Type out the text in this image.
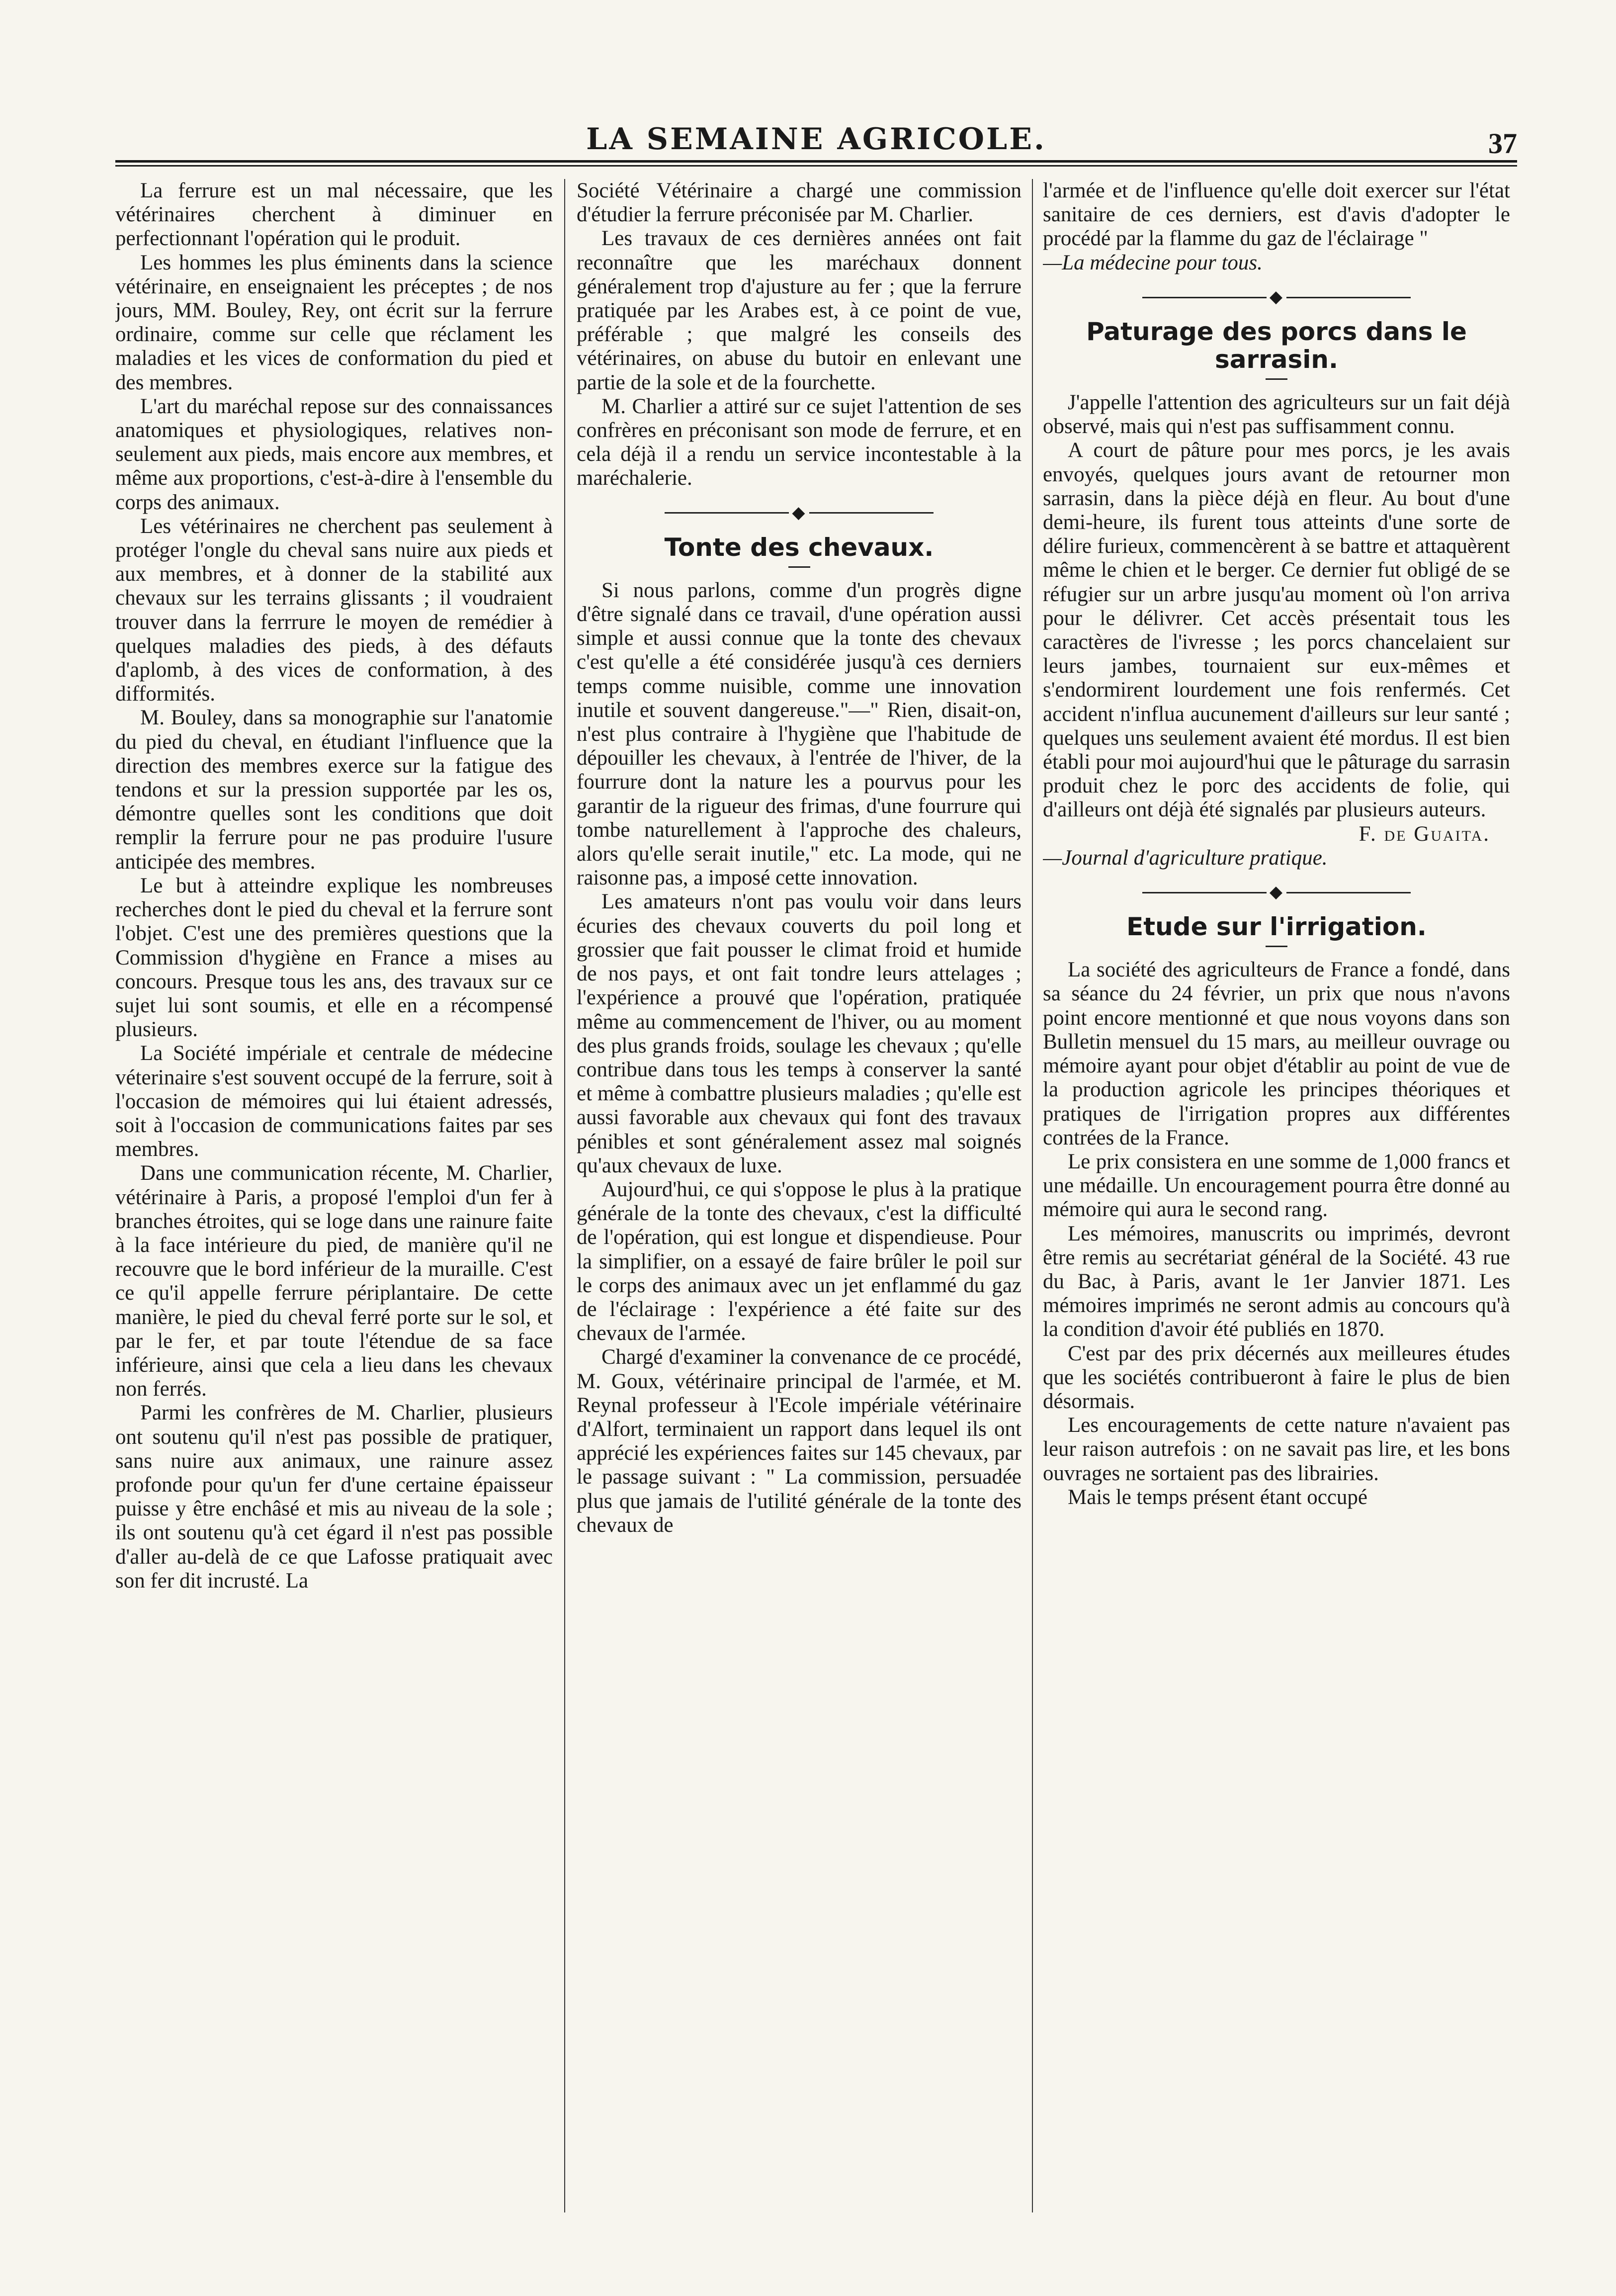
LA SEMAINE AGRICOLE.	37

La ferrure est un mal nécessaire, que les vétérinaires cherchent à diminuer en perfectionnant l'opération qui le produit.

Les hommes les plus éminents dans la science vétérinaire, en enseignaient les préceptes ; de nos jours, MM. Bouley, Rey, ont écrit sur la ferrure ordinaire, comme sur celle que réclament les maladies et les vices de conformation du pied et des membres.

L'art du maréchal repose sur des connaissances anatomiques et physiologiques, relatives non-seulement aux pieds, mais encore aux membres, et même aux proportions, c'est-à-dire à l'ensemble du corps des animaux.

Les vétérinaires ne cherchent pas seulement à protéger l'ongle du cheval sans nuire aux pieds et aux membres, et à donner de la stabilité aux chevaux sur les terrains glissants ; il voudraient trouver dans la ferrrure le moyen de remédier à quelques maladies des pieds, à des défauts d'aplomb, à des vices de conformation, à des difformités.

M. Bouley, dans sa monographie sur l'anatomie du pied du cheval, en étudiant l'influence que la direction des membres exerce sur la fatigue des tendons et sur la pression supportée par les os, démontre quelles sont les conditions que doit remplir la ferrure pour ne pas produire l'usure anticipée des membres.

Le but à atteindre explique les nombreuses recherches dont le pied du cheval et la ferrure sont l'objet. C'est une des premières questions que la Commission d'hygiène en France a mises au concours. Presque tous les ans, des travaux sur ce sujet lui sont soumis, et elle en a récompensé plusieurs.

La Société impériale et centrale de médecine véterinaire s'est souvent occupé de la ferrure, soit à l'occasion de mémoires qui lui étaient adressés, soit à l'occasion de communications faites par ses membres.

Dans une communication récente, M. Charlier, vétérinaire à Paris, a proposé l'emploi d'un fer à branches étroites, qui se loge dans une rainure faite à la face intérieure du pied, de manière qu'il ne recouvre que le bord inférieur de la muraille. C'est ce qu'il appelle ferrure périplantaire. De cette manière, le pied du cheval ferré porte sur le sol, et par le fer, et par toute l'étendue de sa face inférieure, ainsi que cela a lieu dans les chevaux non ferrés.

Parmi les confrères de M. Charlier, plusieurs ont soutenu qu'il n'est pas possible de pratiquer, sans nuire aux animaux, une rainure assez profonde pour qu'un fer d'une certaine épaisseur puisse y être enchâsé et mis au niveau de la sole ; ils ont soutenu qu'à cet égard il n'est pas possible d'aller au-delà de ce que Lafosse pratiquait avec son fer dit incrusté. La

Société Vétérinaire a chargé une commission d'étudier la ferrure préconisée par M. Charlier.

Les travaux de ces dernières années ont fait reconnaître que les maréchaux donnent généralement trop d'ajusture au fer ; que la ferrure pratiquée par les Arabes est, à ce point de vue, préférable ; que malgré les conseils des vétérinaires, on abuse du butoir en enlevant une partie de la sole et de la fourchette.

M. Charlier a attiré sur ce sujet l'attention de ses confrères en préconisant son mode de ferrure, et en cela déjà il a rendu un service incontestable à la maréchalerie.

◆
Tonte des chevaux.

Si nous parlons, comme d'un progrès digne d'être signalé dans ce travail, d'une opération aussi simple et aussi connue que la tonte des chevaux c'est qu'elle a été considérée jusqu'à ces derniers temps comme nuisible, comme une innovation inutile et souvent dangereuse."—" Rien, disait-on, n'est plus contraire à l'hygiène que l'habitude de dépouiller les chevaux, à l'entrée de l'hiver, de la fourrure dont la nature les a pourvus pour les garantir de la rigueur des frimas, d'une fourrure qui tombe naturellement à l'approche des chaleurs, alors qu'elle serait inutile," etc. La mode, qui ne raisonne pas, a imposé cette innovation.

Les amateurs n'ont pas voulu voir dans leurs écuries des chevaux couverts du poil long et grossier que fait pousser le climat froid et humide de nos pays, et ont fait tondre leurs attelages ; l'expérience a prouvé que l'opération, pratiquée même au commencement de l'hiver, ou au moment des plus grands froids, soulage les chevaux ; qu'elle contribue dans tous les temps à conserver la santé et même à combattre plusieurs maladies ; qu'elle est aussi favorable aux chevaux qui font des travaux pénibles et sont généralement assez mal soignés qu'aux chevaux de luxe.

Aujourd'hui, ce qui s'oppose le plus à la pratique générale de la tonte des chevaux, c'est la difficulté de l'opération, qui est longue et dispendieuse. Pour la simplifier, on a essayé de faire brûler le poil sur le corps des animaux avec un jet enflammé du gaz de l'éclairage : l'expérience a été faite sur des chevaux de l'armée.

Chargé d'examiner la convenance de ce procédé, M. Goux, vétérinaire principal de l'armée, et M. Reynal professeur à l'Ecole impériale vétérinaire d'Alfort, terminaient un rapport dans lequel ils ont apprécié les expériences faites sur 145 chevaux, par le passage suivant : " La commission, persuadée plus que jamais de l'utilité générale de la tonte des chevaux de

l'armée et de l'influence qu'elle doit exercer sur l'état sanitaire de ces derniers, est d'avis d'adopter le procédé par la flamme du gaz de l'éclairage "

—La médecine pour tous.

◆
Paturage des porcs dans le sarrasin.

J'appelle l'attention des agriculteurs sur un fait déjà observé, mais qui n'est pas suffisamment connu.

A court de pâture pour mes porcs, je les avais envoyés, quelques jours avant de retourner mon sarrasin, dans la pièce déjà en fleur. Au bout d'une demi-heure, ils furent tous atteints d'une sorte de délire furieux, commencèrent à se battre et attaquèrent même le chien et le berger. Ce dernier fut obligé de se réfugier sur un arbre jusqu'au moment où l'on arriva pour le délivrer. Cet accès présentait tous les caractères de l'ivresse ; les porcs chancelaient sur leurs jambes, tournaient sur eux-mêmes et s'endormirent lourdement une fois renfermés. Cet accident n'influa aucunement d'ailleurs sur leur santé ; quelques uns seulement avaient été mordus. Il est bien établi pour moi aujourd'hui que le pâturage du sarrasin produit chez le porc des accidents de folie, qui d'ailleurs ont déjà été signalés par plusieurs auteurs.

F. de Guaita.

—Journal d'agriculture pratique.

◆
Etude sur l'irrigation.

La société des agriculteurs de France a fondé, dans sa séance du 24 février, un prix que nous n'avons point encore mentionné et que nous voyons dans son Bulletin mensuel du 15 mars, au meilleur ouvrage ou mémoire ayant pour objet d'établir au point de vue de la production agricole les principes théoriques et pratiques de l'irrigation propres aux différentes contrées de la France.

Le prix consistera en une somme de 1,000 francs et une médaille. Un encouragement pourra être donné au mémoire qui aura le second rang.

Les mémoires, manuscrits ou imprimés, devront être remis au secrétariat général de la Société. 43 rue du Bac, à Paris, avant le 1er Janvier 1871. Les mémoires imprimés ne seront admis au concours qu'à la condition d'avoir été publiés en 1870.

C'est par des prix décernés aux meilleures études que les sociétés contribueront à faire le plus de bien désormais.

Les encouragements de cette nature n'avaient pas leur raison autrefois : on ne savait pas lire, et les bons ouvrages ne sortaient pas des librairies.

Mais le temps présent étant occupé
